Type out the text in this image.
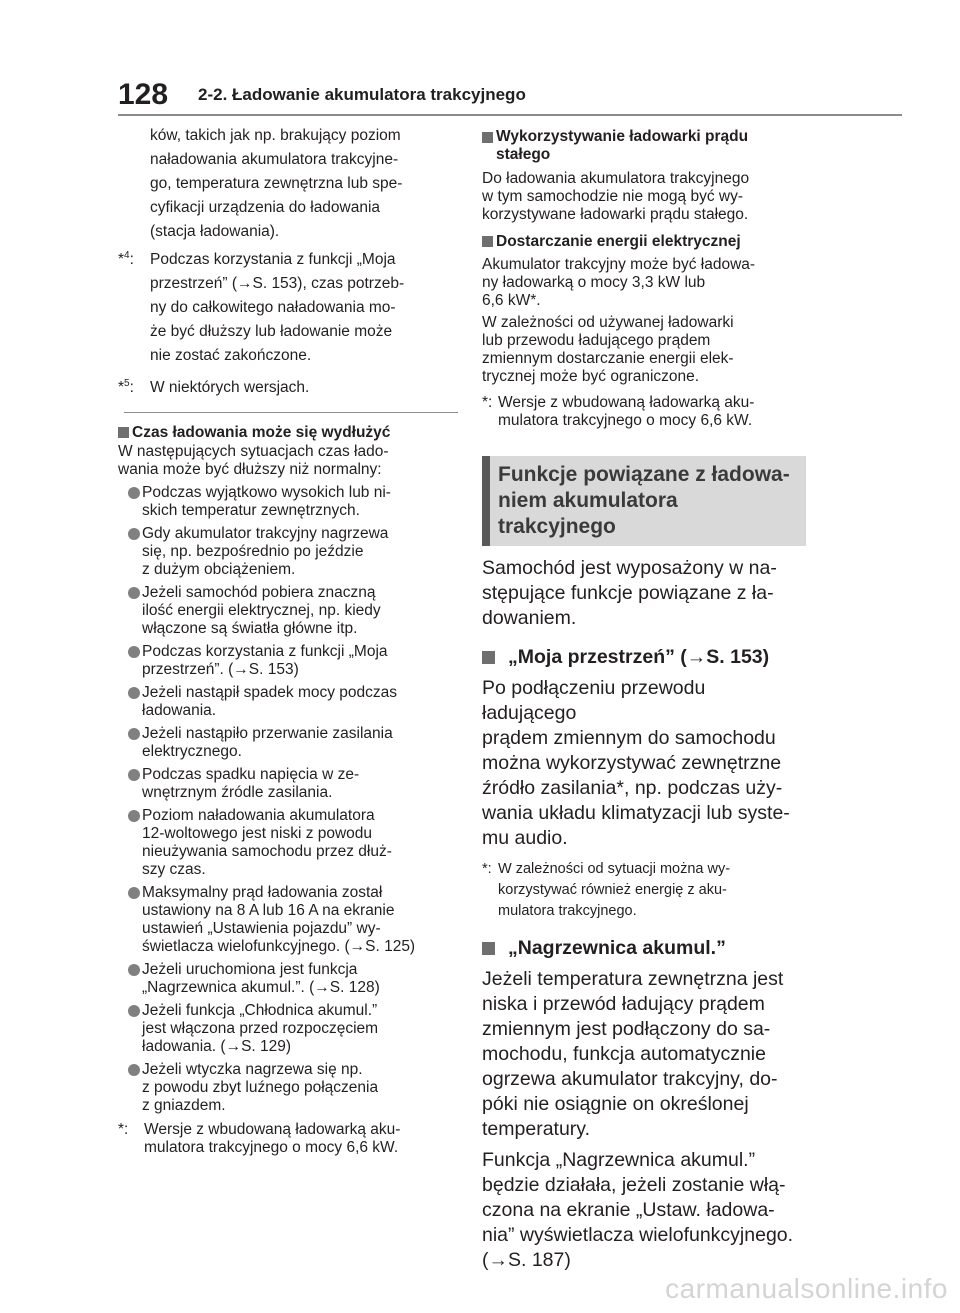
128 2-2. Ładowanie akumulatora trakcyjnego
ków, takich jak np. brakujący poziom
naładowania akumulatora trakcyjne-
go, temperatura zewnętrzna lub spe-
cyfikacji urządzenia do ładowania
(stacja ładowania).
*$^4$: Podczas korzystania z funkcji „Moja
przestrzeń” (→S. 153), czas potrzeb-
ny do całkowitego naładowania mo-
że być dłuższy lub ładowanie może
nie zostać zakończone.
*$^5$: W niektórych wersjach.
Czas ładowania może się wydłużyć
W następujących sytuacjach czas łado-
wania może być dłuższy niż normalny:
Podczas wyjątkowo wysokich lub ni-
skich temperatur zewnętrznych.
Gdy akumulator trakcyjny nagrzewa
się, np. bezpośrednio po jeździe
z dużym obciążeniem.
Jeżeli samochód pobiera znaczną
ilość energii elektrycznej, np. kiedy
włączone są światła główne itp.
Podczas korzystania z funkcji „Moja
przestrzeń”. (→S. 153)
Jeżeli nastąpił spadek mocy podczas
ładowania.
Jeżeli nastąpiło przerwanie zasilania
elektrycznego.
Podczas spadku napięcia w ze-
wnętrznym źródle zasilania.
Poziom naładowania akumulatora
12-woltowego jest niski z powodu
nieużywania samochodu przez dłuż-
szy czas.
Maksymalny prąd ładowania został
ustawiony na 8 A lub 16 A na ekranie
ustawień „Ustawienia pojazdu” wy-
świetlacza wielofunkcyjnego. (→S. 125)
Jeżeli uruchomiona jest funkcja
„Nagrzewnica akumul.”. (→S. 128)
Jeżeli funkcja „Chłodnica akumul.”
jest włączona przed rozpoczęciem
ładowania. (→S. 129)
Jeżeli wtyczka nagrzewa się np.
z powodu zbyt luźnego połączenia
z gniazdem.
*: Wersje z wbudowaną ładowarką aku-
mulatora trakcyjnego o mocy 6,6 kW.
Wykorzystywanie ładowarki prądu
stałego
Do ładowania akumulatora trakcyjnego
w tym samochodzie nie mogą być wy-
korzystywane ładowarki prądu stałego.
Dostarczanie energii elektrycznej
Akumulator trakcyjny może być ładowa-
ny ładowarką o mocy 3,3 kW lub
6,6 kW*.
W zależności od używanej ładowarki
lub przewodu ładującego prądem
zmiennym dostarczanie energii elek-
trycznej może być ograniczone.
*: Wersje z wbudowaną ładowarką aku-
mulatora trakcyjnego o mocy 6,6 kW.
Funkcje powiązane z ładowa-
niem akumulatora trakcyjnego
Samochód jest wyposażony w na-
stępujące funkcje powiązane z ła-
dowaniem.
„Moja przestrzeń” (→S. 153)
Po podłączeniu przewodu ładującego
prądem zmiennym do samochodu
można wykorzystywać zewnętrzne
źródło zasilania*, np. podczas uży-
wania układu klimatyzacji lub syste-
mu audio.
*: W zależności od sytuacji można wy-
korzystywać również energię z aku-
mulatora trakcyjnego.
„Nagrzewnica akumul.”
Jeżeli temperatura zewnętrzna jest
niska i przewód ładujący prądem
zmiennym jest podłączony do sa-
mochodu, funkcja automatycznie
ogrzewa akumulator trakcyjny, do-
póki nie osiągnie on określonej
temperatury.
Funkcja „Nagrzewnica akumul.”
będzie działała, jeżeli zostanie włą-
czona na ekranie „Ustaw. ładowa-
nia” wyświetlacza wielofunkcyjnego.
(→S. 187)
carmanualsonline.info
